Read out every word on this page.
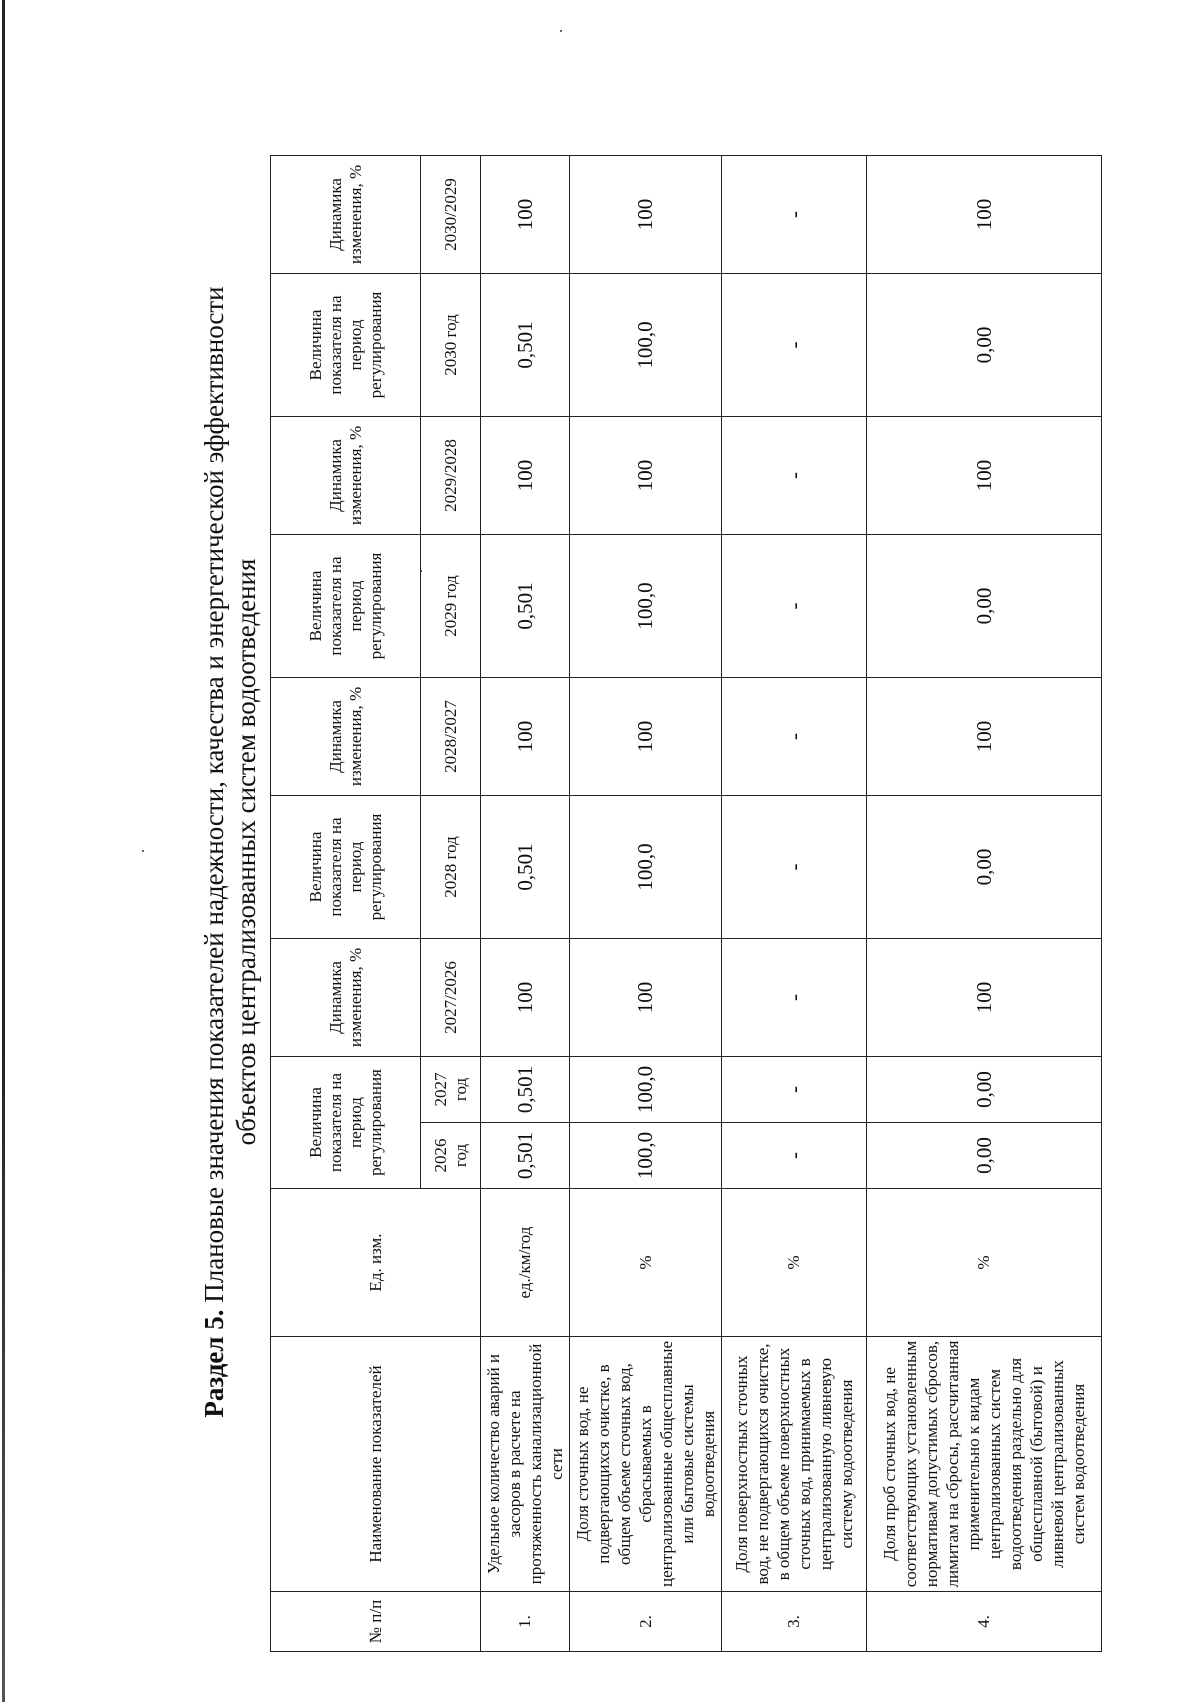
Раздел 5. Плановые значения показателей надежности, качества и энергетической эффективности объектов централизованных систем водоотведения
№ п/п	Наименование показателей	Ед. изм.	Величина показателя на период регулирования		Динамика изменения, %	Величина показателя на период регулирования	Динамика изменения, %	Величина показателя на период регулирования	Динамика изменения, %	Величина показателя на период регулирования	Динамика изменения, %
			2026 год	2027 год	2027/2026	2028 год	2028/2027	2029 год	2029/2028	2030 год	2030/2029
1.	Удельное количество аварий и засоров в расчете на протяженность канализационной сети	ед./км/год	0,501	0,501	100	0,501	100	0,501	100	0,501	100
2.	Доля сточных вод, не подвергающихся очистке, в общем объеме сточных вод, сбрасываемых в централизованные общесплавные или бытовые системы водоотведения	%	100,0	100,0	100	100,0	100	100,0	100	100,0	100
3.	Доля поверхностных сточных вод, не подвергающихся очистке, в общем объеме поверхностных сточных вод, принимаемых в централизованную ливневую систему водоотведения	%	-	-	-	-	-	-	-	-	-
4.	Доля проб сточных вод, не соответствующих установленным нормативам допустимых сбросов, лимитам на сбросы, рассчитанная применительно к видам централизованных систем водоотведения раздельно для общесплавной (бытовой) и ливневой централизованных систем водоотведения	%	0,00	0,00	100	0,00	100	0,00	100	0,00	100
